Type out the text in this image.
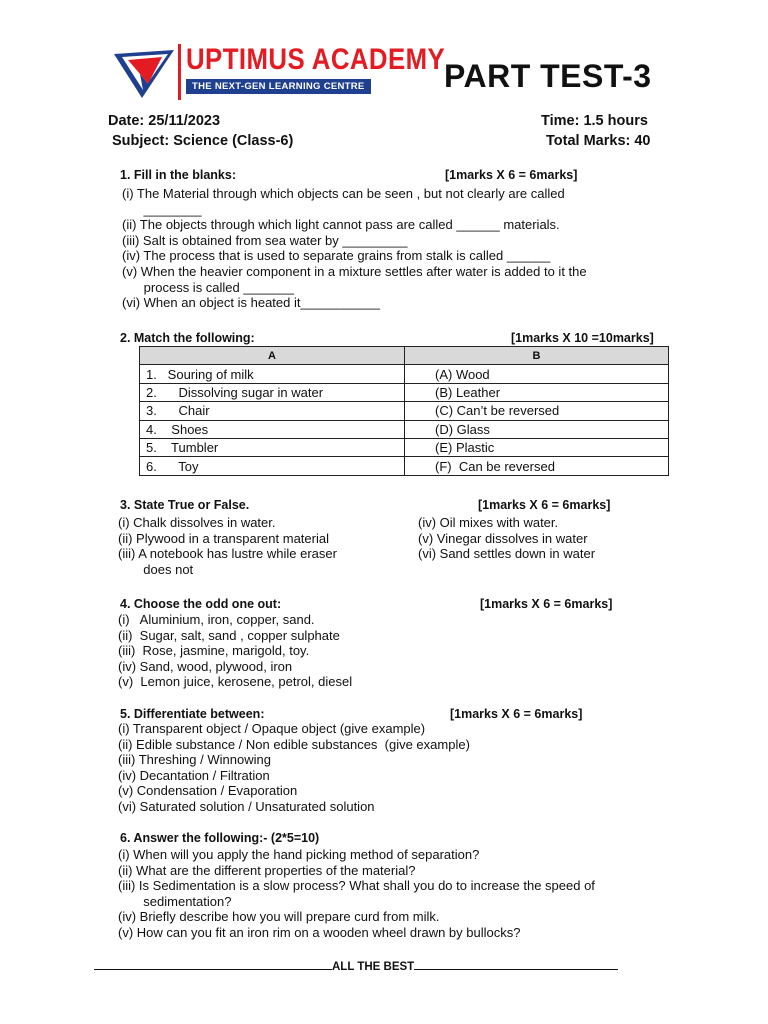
UPTIMUS ACADEMY
THE NEXT-GEN LEARNING CENTRE	PART TEST-3
Date: 25/11/2023	Time: 1.5 hours
Subject: Science (Class-6)	Total Marks: 40
1. Fill in the blanks:	[1marks X 6 = 6marks]
(i) The Material through which objects can be seen , but not clearly are called
________
(ii) The objects through which light cannot pass are called ______ materials.
(iii) Salt is obtained from sea water by _________
(iv) The process that is used to separate grains from stalk is called ______
(v) When the heavier component in a mixture settles after water is added to it the
process is called _______
(vi) When an object is heated it___________
2. Match the following:	[1marks X 10 =10marks]
A	B
1.   Souring of milk	(A) Wood
2.      Dissolving sugar in water	(B) Leather
3.      Chair	(C) Can’t be reversed
4.    Shoes	(D) Glass
5.    Tumbler	(E) Plastic
6.      Toy	(F)  Can be reversed
3. State True or False.	[1marks X 6 = 6marks]
(i) Chalk dissolves in water.
(ii) Plywood in a transparent material
(iii) A notebook has lustre while eraser
does not
(iv) Oil mixes with water.
(v) Vinegar dissolves in water
(vi) Sand settles down in water
4. Choose the odd one out:	[1marks X 6 = 6marks]
(i)   Aluminium, iron, copper, sand.
(ii)  Sugar, salt, sand , copper sulphate
(iii)  Rose, jasmine, marigold, toy.
(iv) Sand, wood, plywood, iron
(v)  Lemon juice, kerosene, petrol, diesel
5. Differentiate between:	[1marks X 6 = 6marks]
(i) Transparent object / Opaque object (give example)
(ii) Edible substance / Non edible substances  (give example)
(iii) Threshing / Winnowing
(iv) Decantation / Filtration
(v) Condensation / Evaporation
(vi) Saturated solution / Unsaturated solution
6. Answer the following:- (2*5=10)
(i) When will you apply the hand picking method of separation?
(ii) What are the different properties of the material?
(iii) Is Sedimentation is a slow process? What shall you do to increase the speed of
sedimentation?
(iv) Briefly describe how you will prepare curd from milk.
(v) How can you fit an iron rim on a wooden wheel drawn by bullocks?
ALL THE BEST
